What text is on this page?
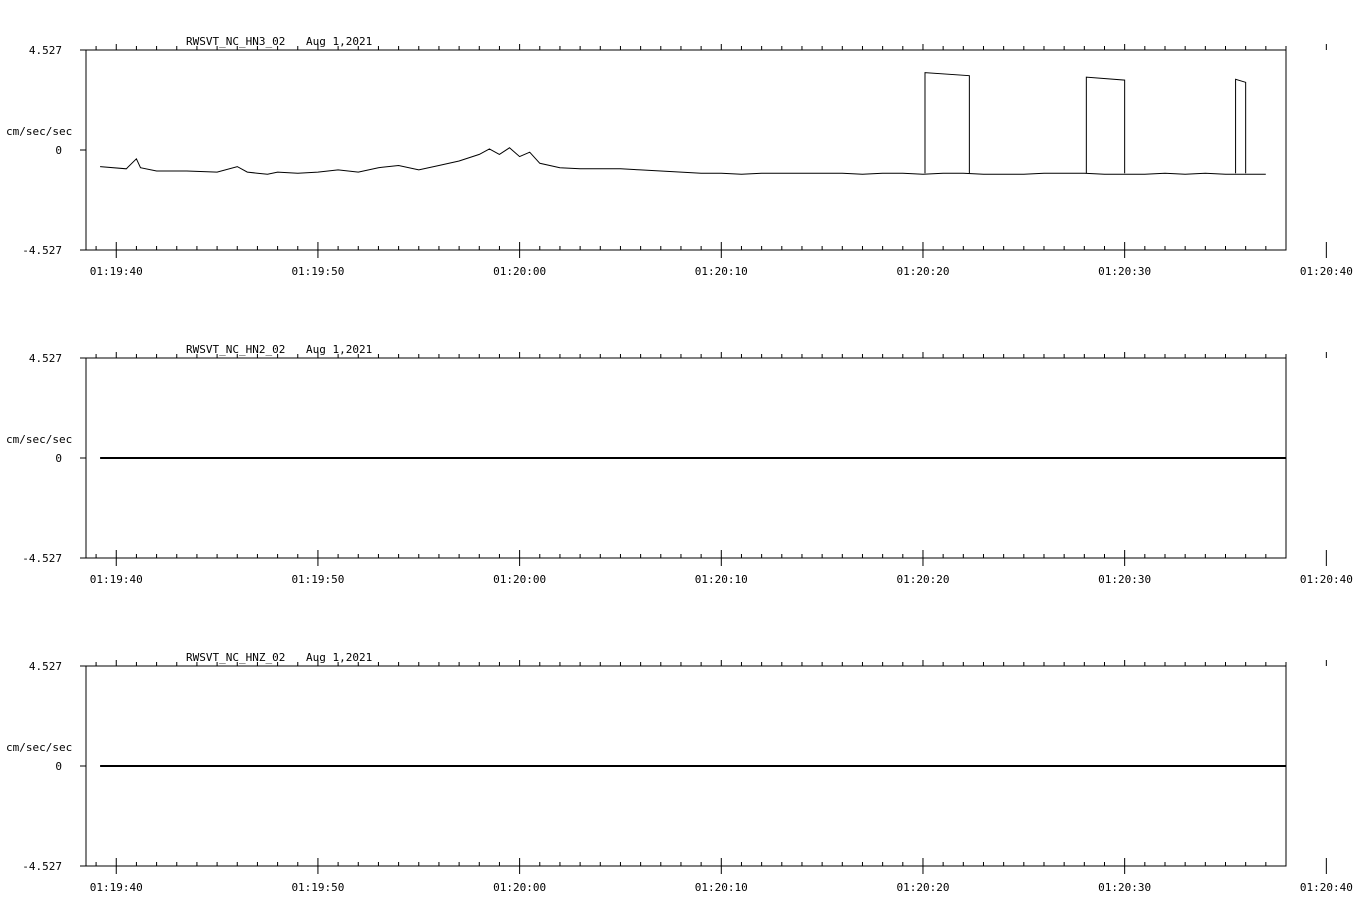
RWSVT_NC_HN3_02 Aug 1,2021
4.527
0
-4.527
cm/sec/sec
01:19:40	01:19:50	01:20:00	01:20:10	01:20:20	01:20:30	01:20:40
RWSVT_NC_HN2_02 Aug 1,2021
4.527
0
-4.527
cm/sec/sec
01:19:40	01:19:50	01:20:00	01:20:10	01:20:20	01:20:30	01:20:40
RWSVT_NC_HNZ_02 Aug 1,2021
4.527
0
-4.527
cm/sec/sec
01:19:40	01:19:50	01:20:00	01:20:10	01:20:20	01:20:30	01:20:40
